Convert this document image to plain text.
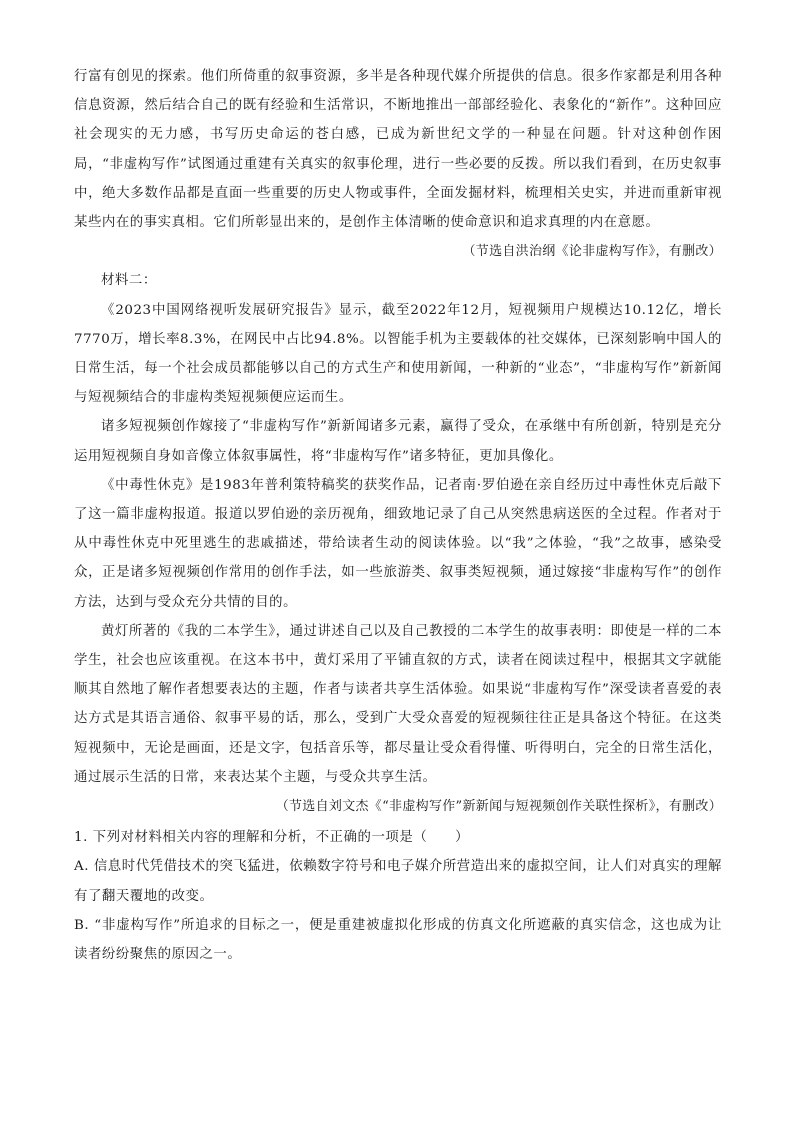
行富有创见的探索。他们所倚重的叙事资源，多半是各种现代媒介所提供的信息。很多作家都是利用各种信息资源，然后结合自己的既有经验和生活常识，不断地推出一部部经验化、表象化的“新作”。这种回应社会现实的无力感，书写历史命运的苍白感，已成为新世纪文学的一种显在问题。针对这种创作困局，“非虚构写作”试图通过重建有关真实的叙事伦理，进行一些必要的反拨。所以我们看到，在历史叙事中，绝大多数作品都是直面一些重要的历史人物或事件，全面发掘材料，梳理相关史实，并进而重新审视某些内在的事实真相。它们所彰显出来的，是创作主体清晰的使命意识和追求真理的内在意愿。

（节选自洪治纲《论非虚构写作》，有删改）

材料二：

《2023中国网络视听发展研究报告》显示，截至2022年12月，短视频用户规模达10.12亿，增长7770万，增长率8.3%，在网民中占比94.8%。以智能手机为主要载体的社交媒体，已深刻影响中国人的日常生活，每一个社会成员都能够以自己的方式生产和使用新闻，一种新的“业态”，“非虚构写作”新新闻与短视频结合的非虚构类短视频便应运而生。

诸多短视频创作嫁接了“非虚构写作”新新闻诸多元素，赢得了受众，在承继中有所创新，特别是充分运用短视频自身如音像立体叙事属性，将“非虚构写作”诸多特征，更加具像化。

《中毒性休克》是1983年普利策特稿奖的获奖作品，记者南·罗伯逊在亲自经历过中毒性休克后敲下了这一篇非虚构报道。报道以罗伯逊的亲历视角，细致地记录了自己从突然患病送医的全过程。作者对于从中毒性休克中死里逃生的悲戚描述，带给读者生动的阅读体验。以“我”之体验，“我”之故事，感染受众，正是诸多短视频创作常用的创作手法，如一些旅游类、叙事类短视频，通过嫁接“非虚构写作”的创作方法，达到与受众充分共情的目的。

黄灯所著的《我的二本学生》，通过讲述自己以及自己教授的二本学生的故事表明：即使是一样的二本学生，社会也应该重视。在这本书中，黄灯采用了平铺直叙的方式，读者在阅读过程中，根据其文字就能顺其自然地了解作者想要表达的主题，作者与读者共享生活体验。如果说“非虚构写作”深受读者喜爱的表达方式是其语言通俗、叙事平易的话，那么，受到广大受众喜爱的短视频往往正是具备这个特征。在这类短视频中，无论是画面，还是文字，包括音乐等，都尽量让受众看得懂、听得明白，完全的日常生活化，通过展示生活的日常，来表达某个主题，与受众共享生活。

（节选自刘文杰《“非虚构写作”新新闻与短视频创作关联性探析》，有删改）

1. 下列对材料相关内容的理解和分析，不正确的一项是（　　）

A. 信息时代凭借技术的突飞猛进，依赖数字符号和电子媒介所营造出来的虚拟空间，让人们对真实的理解有了翻天覆地的改变。

B. “非虚构写作”所追求的目标之一，便是重建被虚拟化形成的仿真文化所遮蔽的真实信念，这也成为让读者纷纷聚焦的原因之一。
